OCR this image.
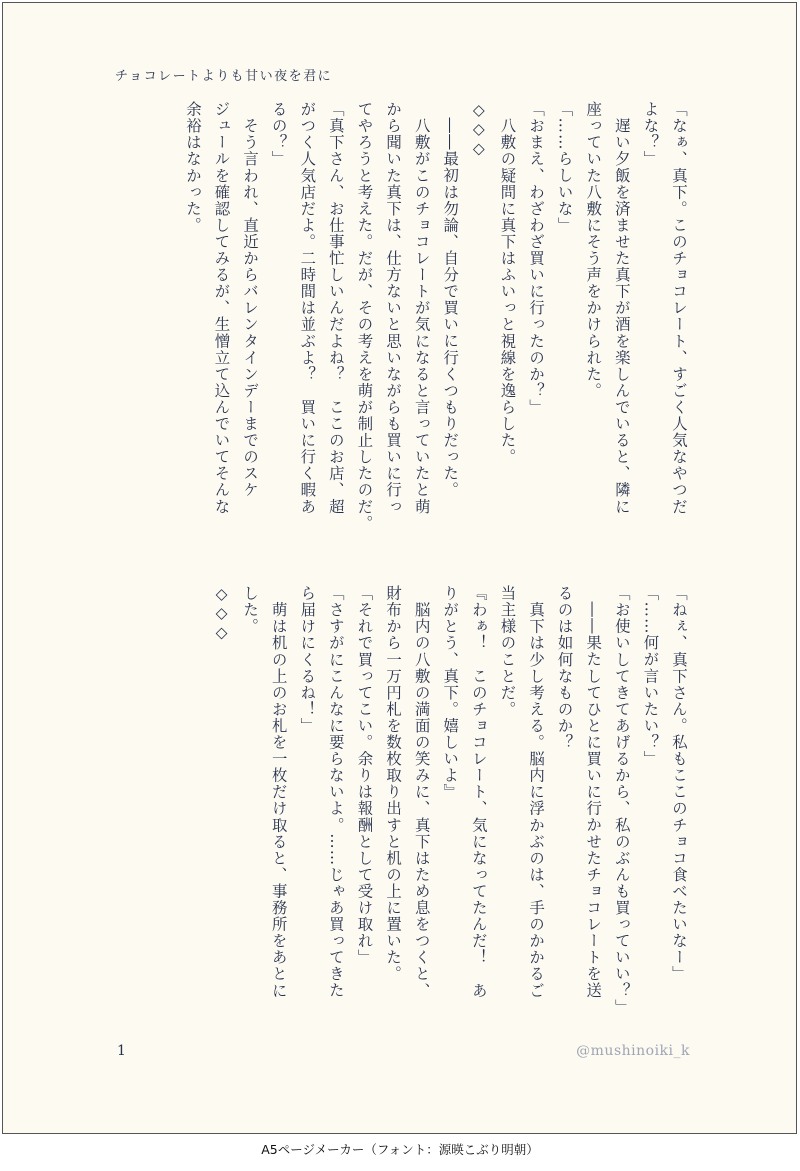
チョコレートよりも甘い夜を君に

「なぁ、真下。このチョコレート、すごく人気なやつだ

よな？」

　遅い夕飯を済ませた真下が酒を楽しんでいると、隣に

座っていた八敷にそう声をかけられた。

「……らしいな」

「おまえ、わざわざ買いに行ったのか？」

　八敷の疑問に真下はふいっと視線を逸らした。

◇◇◇

　――最初は勿論、自分で買いに行くつもりだった。

　八敷がこのチョコレートが気になると言っていたと萌

から聞いた真下は、仕方ないと思いながらも買いに行っ

てやろうと考えた。だが、その考えを萌が制止したのだ。

「真下さん、お仕事忙しいんだよね？　ここのお店、超

がつく人気店だよ。二時間は並ぶよ？　買いに行く暇あ

るの？」

　そう言われ、直近からバレンタインデーまでのスケ

ジュールを確認してみるが、生憎立て込んでいてそんな

余裕はなかった。

「ねぇ、真下さん。私もここのチョコ食べたいなー」

「……何が言いたい？」

「お使いしてきてあげるから、私のぶんも買っていい？」

　――果たしてひとに買いに行かせたチョコレートを送

るのは如何なものか？

　真下は少し考える。脳内に浮かぶのは、手のかかるご

当主様のことだ。

『わぁ！　このチョコレート、気になってたんだ！　あ

りがとう、真下。嬉しいよ』

　脳内の八敷の満面の笑みに、真下はため息をつくと、

財布から一万円札を数枚取り出すと机の上に置いた。

「それで買ってこい。余りは報酬として受け取れ」

「さすがにこんなに要らないよ。……じゃあ買ってきた

ら届けにくるね！」

　萌は机の上のお札を一枚だけ取ると、事務所をあとに

した。

◇◇◇

1	@mushinoiki_k
A5ページメーカー（フォント：源暎こぶり明朝）
